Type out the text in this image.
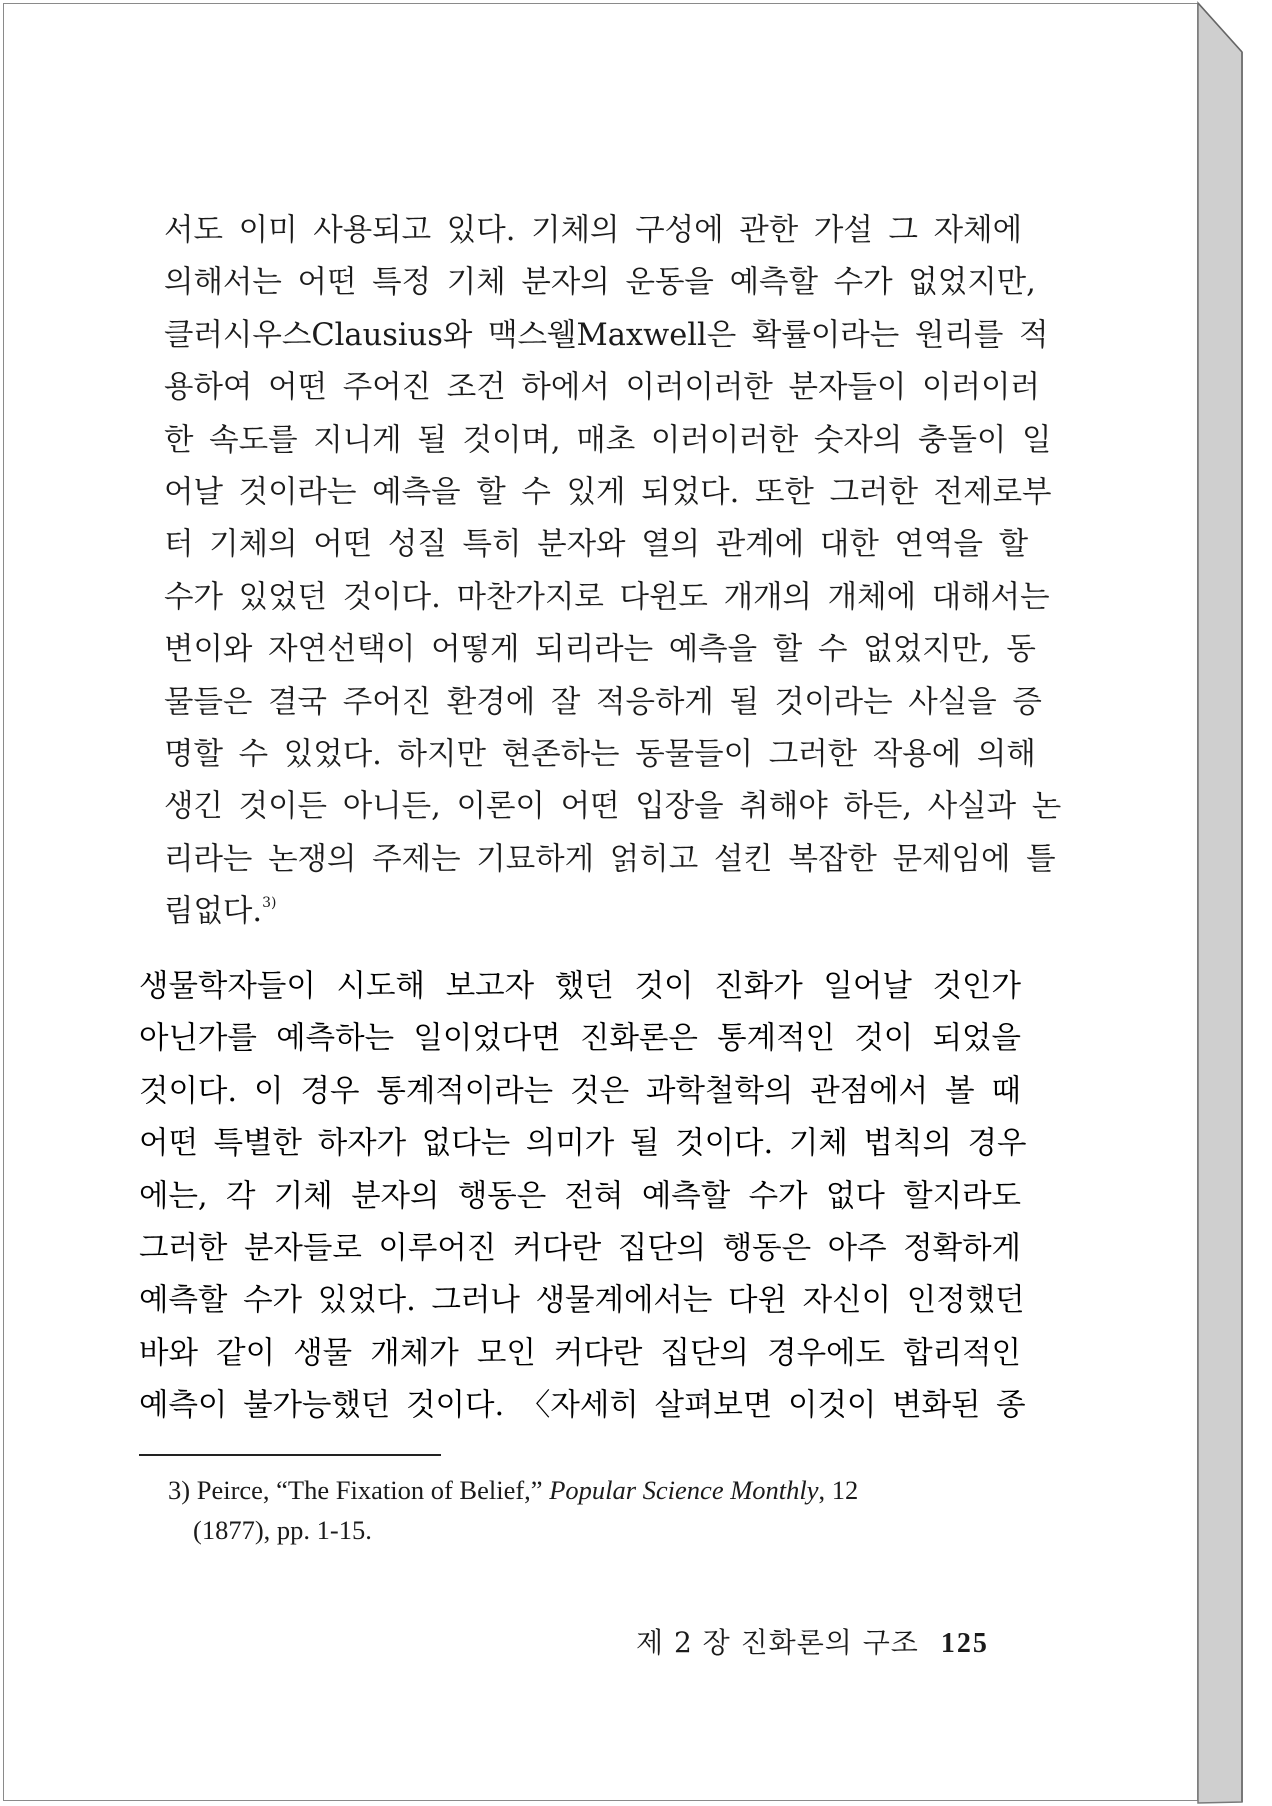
서도 이미 사용되고 있다. 기체의 구성에 관한 가설 그 자체에
의해서는 어떤 특정 기체 분자의 운동을 예측할 수가 없었지만,
클러시우스Clausius와 맥스웰Maxwell은 확률이라는 원리를 적
용하여 어떤 주어진 조건 하에서 이러이러한 분자들이 이러이러
한 속도를 지니게 될 것이며, 매초 이러이러한 숫자의 충돌이 일
어날 것이라는 예측을 할 수 있게 되었다. 또한 그러한 전제로부
터 기체의 어떤 성질 특히 분자와 열의 관계에 대한 연역을 할
수가 있었던 것이다. 마찬가지로 다윈도 개개의 개체에 대해서는
변이와 자연선택이 어떻게 되리라는 예측을 할 수 없었지만, 동
물들은 결국 주어진 환경에 잘 적응하게 될 것이라는 사실을 증
명할 수 있었다. 하지만 현존하는 동물들이 그러한 작용에 의해
생긴 것이든 아니든, 이론이 어떤 입장을 취해야 하든, 사실과 논
리라는 논쟁의 주제는 기묘하게 얽히고 설킨 복잡한 문제임에 틀
림없다.$^{3)}$

생물학자들이 시도해 보고자 했던 것이 진화가 일어날 것인가
아닌가를 예측하는 일이었다면 진화론은 통계적인 것이 되었을
것이다. 이 경우 통계적이라는 것은 과학철학의 관점에서 볼 때
어떤 특별한 하자가 없다는 의미가 될 것이다. 기체 법칙의 경우
에는, 각 기체 분자의 행동은 전혀 예측할 수가 없다 할지라도
그러한 분자들로 이루어진 커다란 집단의 행동은 아주 정확하게
예측할 수가 있었다. 그러나 생물계에서는 다윈 자신이 인정했던
바와 같이 생물 개체가 모인 커다란 집단의 경우에도 합리적인
예측이 불가능했던 것이다. 〈자세히 살펴보면 이것이 변화된 종

3) Peirce, “The Fixation of Belief,” Popular Science Monthly, 12
(1877), pp. 1-15.
제 2 장 진화론의 구조 125
